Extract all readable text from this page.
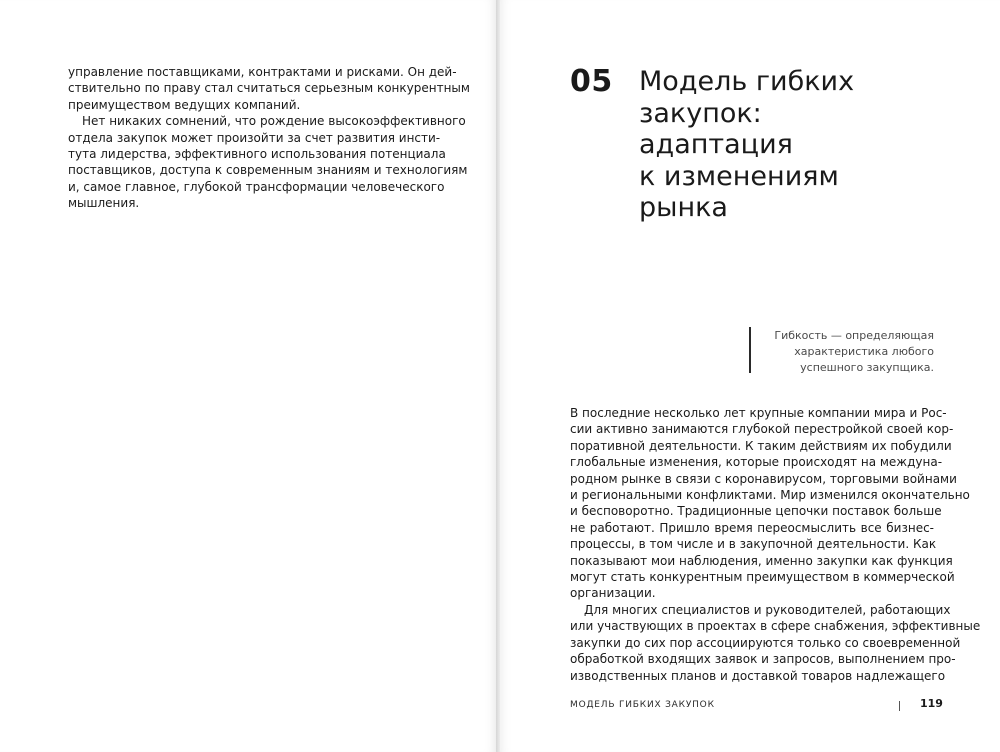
управление поставщиками, контрактами и рисками. Он дей-
ствительно по праву стал считаться серьезным конкурентным
преимуществом ведущих компаний.
Нет никаких сомнений, что рождение высокоэффективного
отдела закупок может произойти за счет развития инсти-
тута лидерства, эффективного использования потенциала
поставщиков, доступа к современным знаниям и технологиям
и, самое главное, глубокой трансформации человеческого
мышления.
05 Модель гибких
закупок:
адаптация
к изменениям
рынка
Гибкость — определяющая
характеристика любого
успешного закупщика.
В последние несколько лет крупные компании мира и Рос-
сии активно занимаются глубокой перестройкой своей кор-
поративной деятельности. К таким действиям их побудили
глобальные изменения, которые происходят на междуна-
родном рынке в связи с коронавирусом, торговыми войнами
и региональными конфликтами. Мир изменился окончательно
и бесповоротно. Традиционные цепочки поставок больше
не работают. Пришло время переосмыслить все бизнес-
процессы, в том числе и в закупочной деятельности. Как
показывают мои наблюдения, именно закупки как функция
могут стать конкурентным преимуществом в коммерческой
организации.
Для многих специалистов и руководителей, работающих
или участвующих в проектах в сфере снабжения, эффективные
закупки до сих пор ассоциируются только со своевременной
обработкой входящих заявок и запросов, выполнением про-
изводственных планов и доставкой товаров надлежащего
МОДЕЛЬ ГИБКИХ ЗАКУПОК	119
